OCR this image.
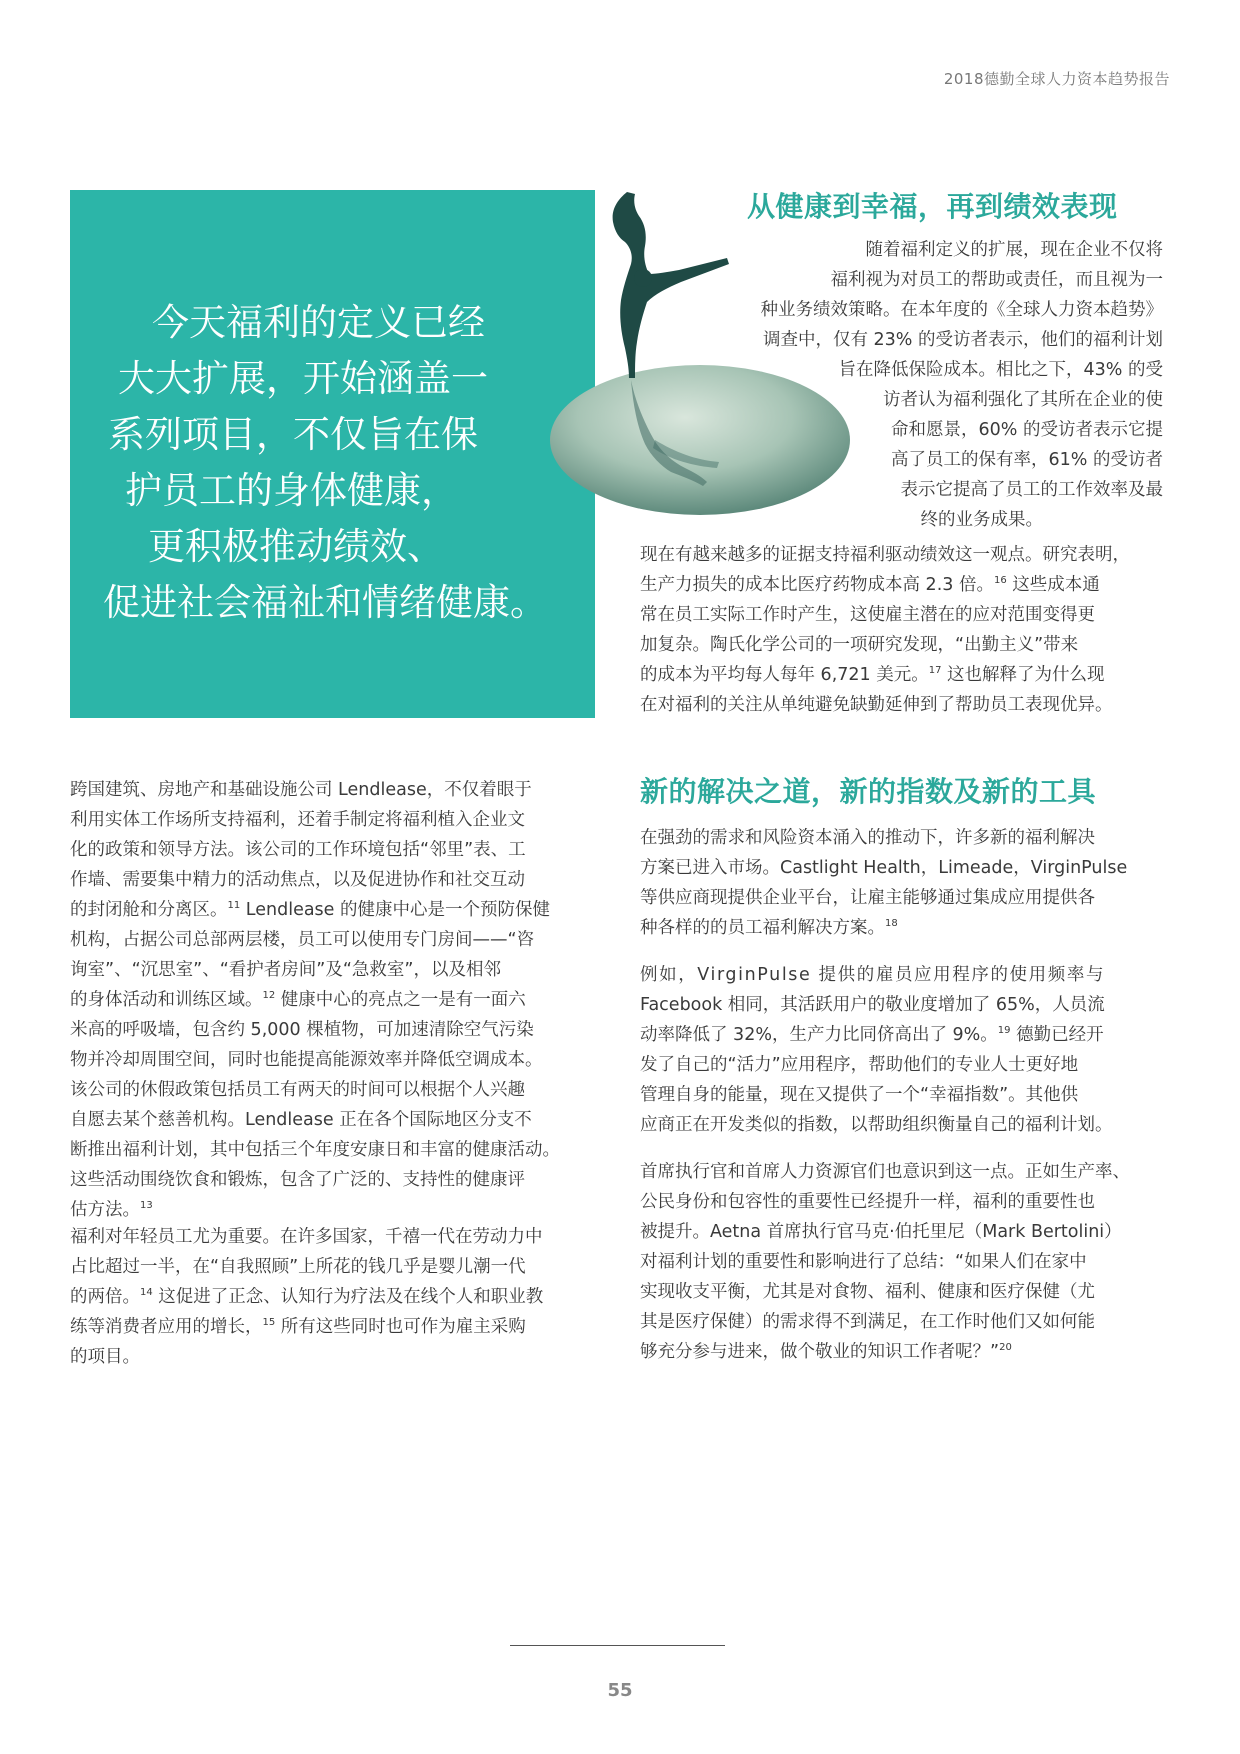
2018德勤全球人力资本趋势报告
今天福利的定义已经
大大扩展，开始涵盖一
系列项目，不仅旨在保
护员工的身体健康，
更积极推动绩效、
促进社会福祉和情绪健康。
从健康到幸福，再到绩效表现
随着福利定义的扩展，现在企业不仅将
福利视为对员工的帮助或责任，而且视为一
种业务绩效策略。在本年度的《全球人力资本趋势》
调查中，仅有 23% 的受访者表示，他们的福利计划
旨在降低保险成本。相比之下，43% 的受
访者认为福利强化了其所在企业的使
命和愿景，60% 的受访者表示它提
高了员工的保有率，61% 的受访者
表示它提高了员工的工作效率及最
终的业务成果。
现在有越来越多的证据支持福利驱动绩效这一观点。研究表明，
生产力损失的成本比医疗药物成本高 2.3 倍。$^{16}$ 这些成本通
常在员工实际工作时产生，这使雇主潜在的应对范围变得更
加复杂。陶氏化学公司的一项研究发现，“出勤主义”带来
的成本为平均每人每年 6,721 美元。$^{17}$ 这也解释了为什么现
在对福利的关注从单纯避免缺勤延伸到了帮助员工表现优异。
跨国建筑、房地产和基础设施公司 Lendlease，不仅着眼于
利用实体工作场所支持福利，还着手制定将福利植入企业文
化的政策和领导方法。该公司的工作环境包括“邻里”表、工
作墙、需要集中精力的活动焦点，以及促进协作和社交互动
的封闭舱和分离区。$^{11}$ Lendlease 的健康中心是一个预防保健
机构，占据公司总部两层楼，员工可以使用专门房间——“咨
询室”、“沉思室”、“看护者房间”及“急救室”，以及相邻
的身体活动和训练区域。$^{12}$ 健康中心的亮点之一是有一面六
米高的呼吸墙，包含约 5,000 棵植物，可加速清除空气污染
物并冷却周围空间，同时也能提高能源效率并降低空调成本。
该公司的休假政策包括员工有两天的时间可以根据个人兴趣
自愿去某个慈善机构。Lendlease 正在各个国际地区分支不
断推出福利计划，其中包括三个年度安康日和丰富的健康活动。
这些活动围绕饮食和锻炼，包含了广泛的、支持性的健康评
估方法。$^{13}$
福利对年轻员工尤为重要。在许多国家，千禧一代在劳动力中
占比超过一半，在“自我照顾”上所花的钱几乎是婴儿潮一代
的两倍。$^{14}$ 这促进了正念、认知行为疗法及在线个人和职业教
练等消费者应用的增长，$^{15}$ 所有这些同时也可作为雇主采购
的项目。
新的解决之道，新的指数及新的工具
在强劲的需求和风险资本涌入的推动下，许多新的福利解决
方案已进入市场。Castlight Health，Limeade，VirginPulse
等供应商现提供企业平台，让雇主能够通过集成应用提供各
种各样的的员工福利解决方案。$^{18}$
例如，VirginPulse 提供的雇员应用程序的使用频率与
Facebook 相同，其活跃用户的敬业度增加了 65%，人员流
动率降低了 32%，生产力比同侪高出了 9%。$^{19}$ 德勤已经开
发了自己的“活力”应用程序，帮助他们的专业人士更好地
管理自身的能量，现在又提供了一个“幸福指数”。其他供
应商正在开发类似的指数，以帮助组织衡量自己的福利计划。
首席执行官和首席人力资源官们也意识到这一点。正如生产率、
公民身份和包容性的重要性已经提升一样，福利的重要性也
被提升。Aetna 首席执行官马克·伯托里尼（Mark Bertolini）
对福利计划的重要性和影响进行了总结：“如果人们在家中
实现收支平衡，尤其是对食物、福利、健康和医疗保健（尤
其是医疗保健）的需求得不到满足，在工作时他们又如何能
够充分参与进来，做个敬业的知识工作者呢？”$^{20}$
55
